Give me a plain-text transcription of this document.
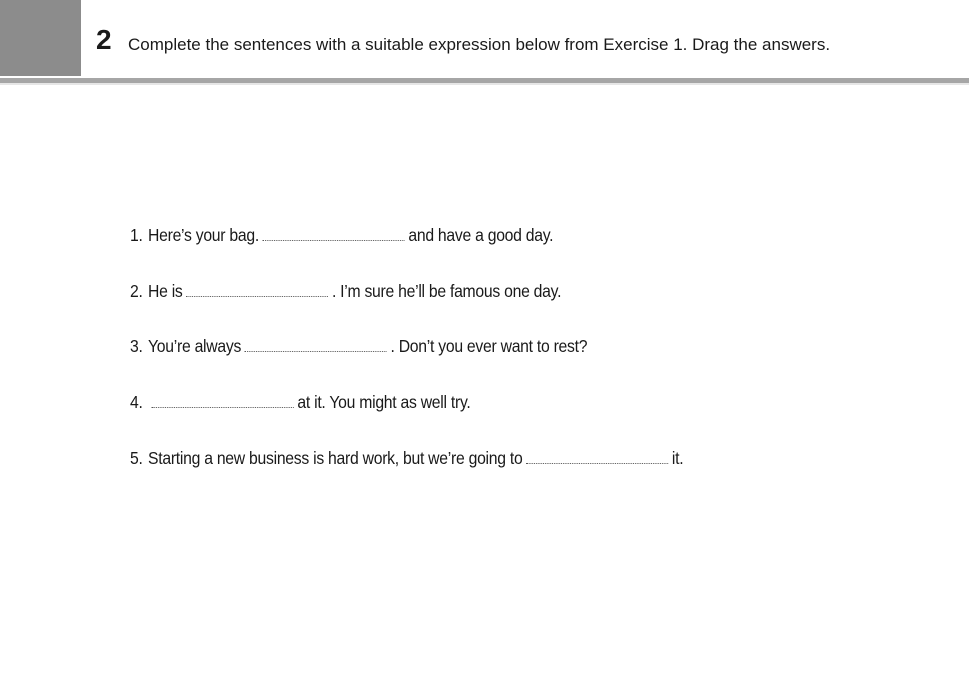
2 Complete the sentences with a suitable expression below from Exercise 1. Drag the answers.
1. Here’s your bag.	and have a good day.
2. He is	. I’m sure he’ll be famous one day.
3. You’re always	. Don’t you ever want to rest?
4.	at it. You might as well try.
5. Starting a new business is hard work, but we’re going to	it.
